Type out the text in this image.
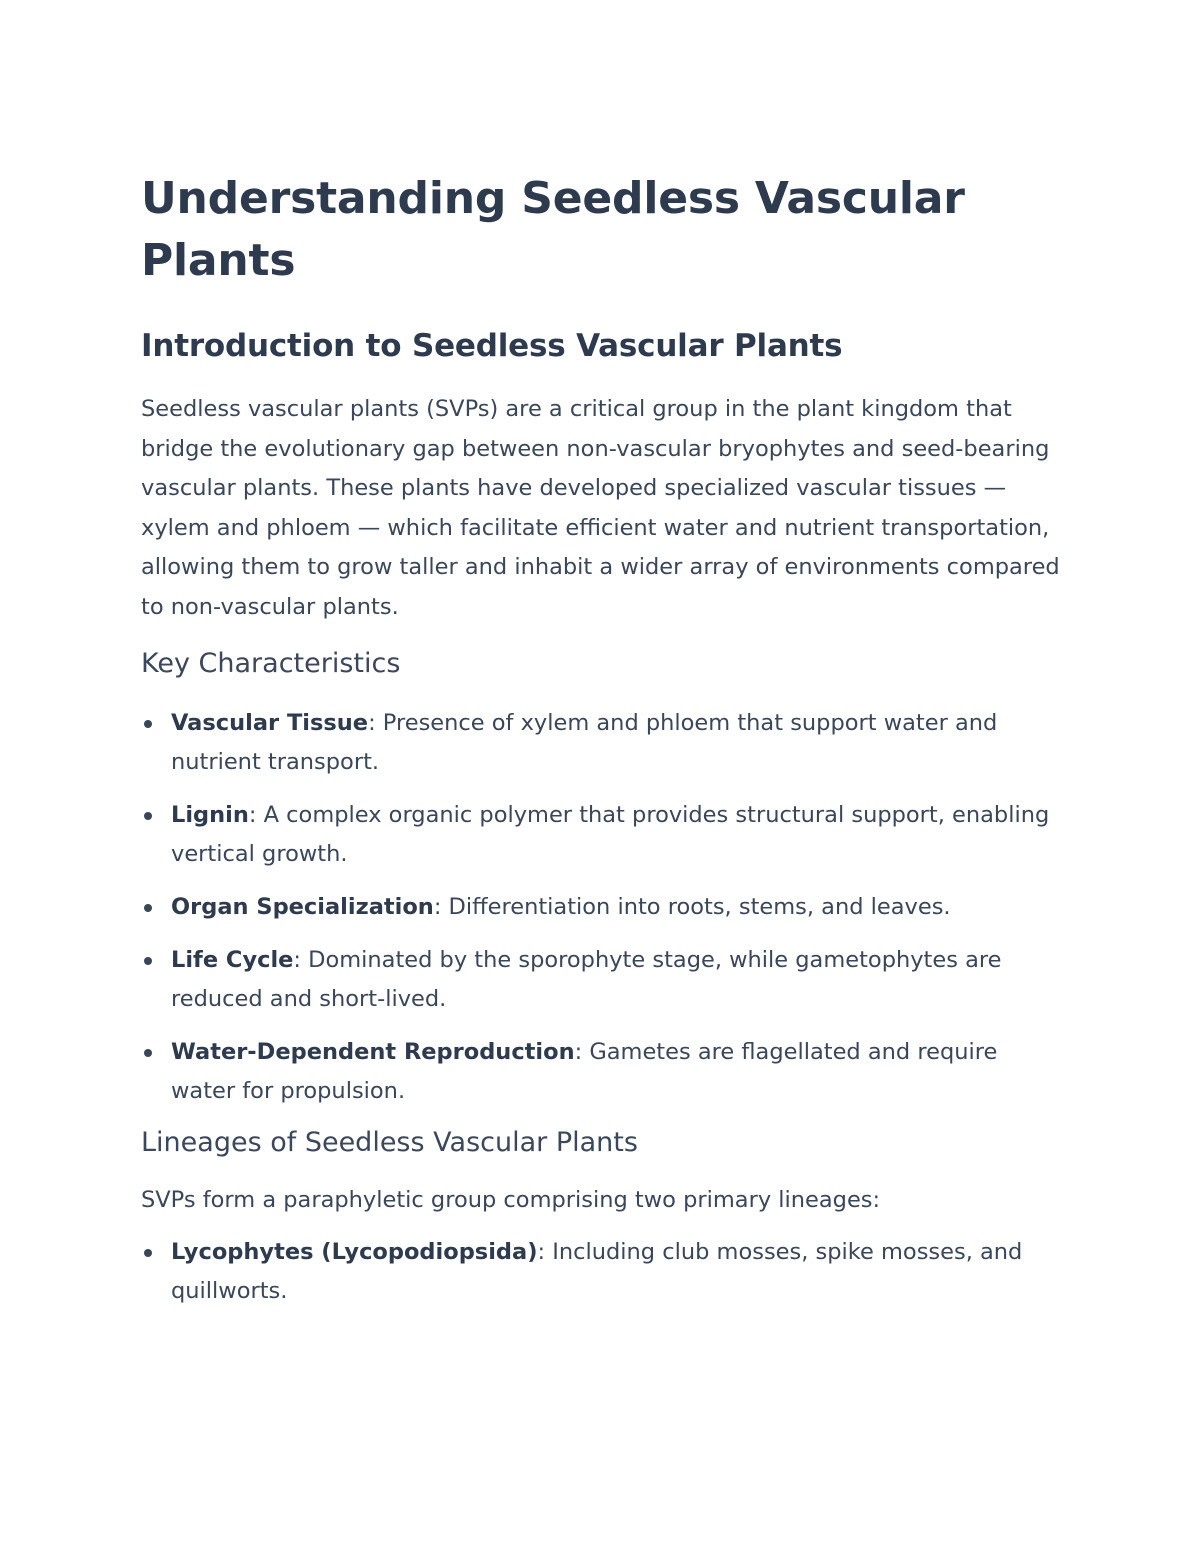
Understanding Seedless Vascular Plants
Introduction to Seedless Vascular Plants

Seedless vascular plants (SVPs) are a critical group in the plant kingdom that bridge the evolutionary gap between non-vascular bryophytes and seed-bearing vascular plants. These plants have developed specialized vascular tissues — xylem and phloem — which facilitate efficient water and nutrient transportation, allowing them to grow taller and inhabit a wider array of environments compared to non-vascular plants.

Key Characteristics
Vascular Tissue: Presence of xylem and phloem that support water and nutrient transport.
Lignin: A complex organic polymer that provides structural support, enabling vertical growth.
Organ Specialization: Differentiation into roots, stems, and leaves.
Life Cycle: Dominated by the sporophyte stage, while gametophytes are reduced and short-lived.
Water-Dependent Reproduction: Gametes are flagellated and require water for propulsion.
Lineages of Seedless Vascular Plants

SVPs form a paraphyletic group comprising two primary lineages:

Lycophytes (Lycopodiopsida): Including club mosses, spike mosses, and quillworts.
